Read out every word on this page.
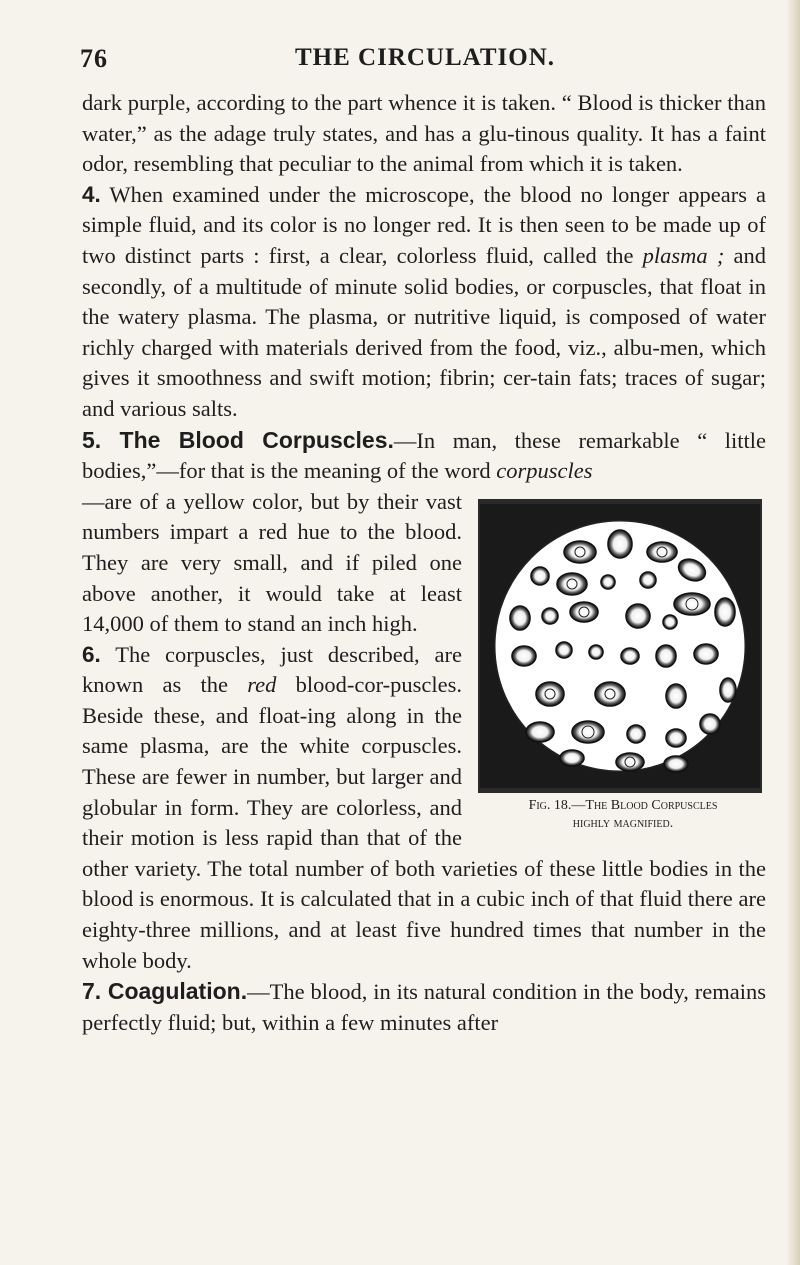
76	THE CIRCULATION.

dark purple, according to the part whence it is taken. “ Blood is thicker than water,” as the adage truly states, and has a glu-tinous quality. It has a faint odor, resembling that peculiar to the animal from which it is taken.

4. When examined under the microscope, the blood no longer appears a simple fluid, and its color is no longer red. It is then seen to be made up of two distinct parts : first, a clear, colorless fluid, called the plasma ; and secondly, of a multitude of minute solid bodies, or corpuscles, that float in the watery plasma. The plasma, or nutritive liquid, is composed of water richly charged with materials derived from the food, viz., albu-men, which gives it smoothness and swift motion; fibrin; cer-tain fats; traces of sugar; and various salts.

5. The Blood Corpuscles.—In man, these remarkable “ little bodies,”—for that is the meaning of the word corpuscles

Fig. 18.—The Blood Corpuscles
highly magnified.
—are of a yellow color, but by their vast numbers impart a red hue to the blood. They are very small, and if piled one above another, it would take at least 14,000 of them to stand an inch high.

6. The corpuscles, just described, are known as the red blood-cor-puscles. Beside these, and float-ing along in the same plasma, are the white corpuscles. These are fewer in number, but larger and globular in form. They are colorless, and their motion is less rapid than that of the other variety. The total number of both varieties of these little bodies in the blood is enormous. It is calculated that in a cubic inch of that fluid there are eighty-three millions, and at least five hundred times that number in the whole body.

7. Coagulation.—The blood, in its natural condition in the body, remains perfectly fluid; but, within a few minutes after
